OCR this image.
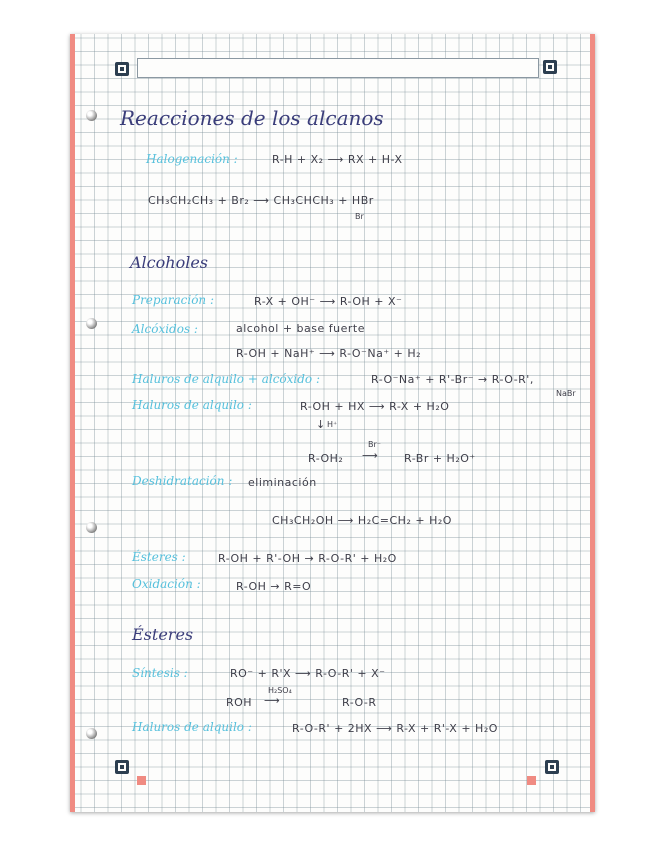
Reacciones de los alcanos
Halogenación :	R-H + X₂ ⟶ RX + H-X
CH₃CH₂CH₃ + Br₂ ⟶ CH₃CHCH₃ + HBr
Br
Alcoholes
Preparación :	R-X + OH⁻ ⟶ R-OH + X⁻
Alcóxidos :	alcohol + base fuerte
R-OH + NaH⁺ ⟶ R-O⁻Na⁺ + H₂
Haluros de alquilo + alcóxido :	R-O⁻Na⁺ + R'-Br⁻ → R-O-R',
NaBr
Haluros de alquilo :	R-OH + HX ⟶ R-X + H₂O
↓ H⁺
R-OH₂
Br⁻
⟶ R-Br + H₂O⁺
Deshidratación : eliminación
CH₃CH₂OH ⟶ H₂C=CH₂ + H₂O
Ésteres :	R-OH + R'-OH → R-O-R' + H₂O
Oxidación :	R-OH → R=O
Ésteres
Síntesis :	RO⁻ + R'X ⟶ R-O-R' + X⁻
ROH
H₂SO₄
⟶	R-O-R
Haluros de alquilo :	R-O-R' + 2HX ⟶ R-X + R'-X + H₂O
